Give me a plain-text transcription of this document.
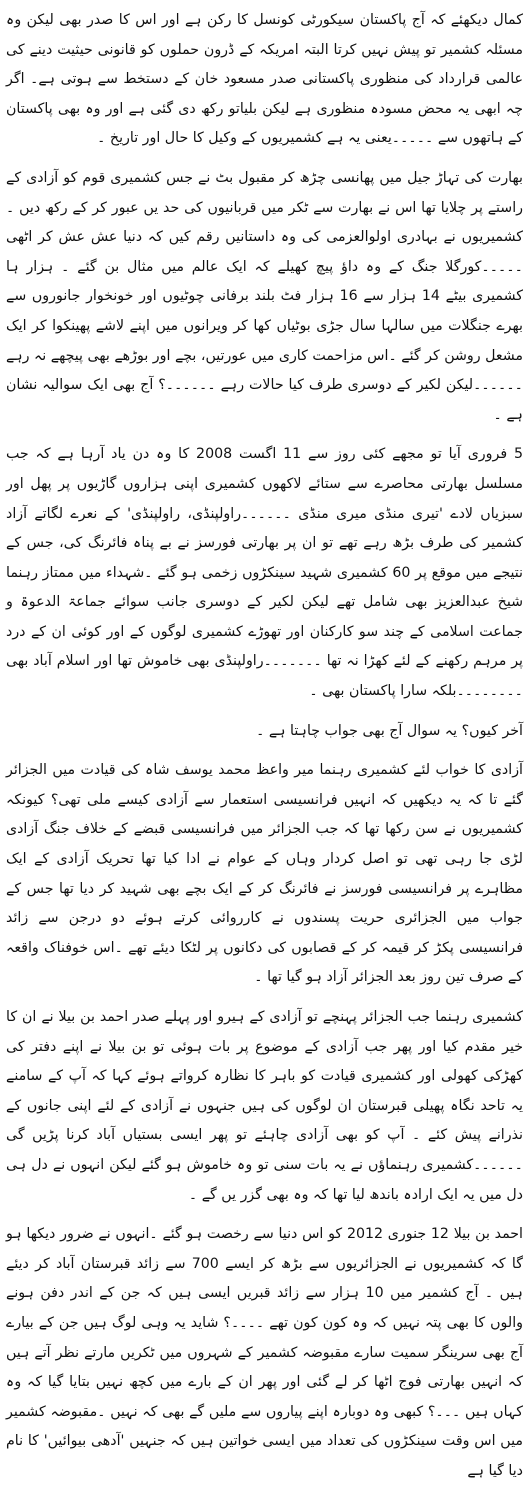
کمال دیکھئے کہ آج پاکستان سیکورٹی کونسل کا رکن ہے اور اس کا صدر بھی لیکن وہ مسئلہ کشمیر تو پیش نہیں کرتا البتہ امریکہ کے ڈرون حملوں کو قانونی حیثیت دینے کی عالمی قرارداد کی منظوری پاکستانی صدر مسعود خان کے دستخط سے ہوتی ہے۔ اگر چہ ابھی یہ محض مسودہ منظوری ہے لیکن بلیاتو رکھ دی گئی ہے اور وہ بھی پاکستان کے ہاتھوں سے ۔۔۔۔۔یعنی یہ ہے کشمیریوں کے وکیل کا حال اور تاریخ ۔

بھارت کی تہاڑ جیل میں پھانسی چڑھ کر مقبول بٹ نے جس کشمیری قوم کو آزادی کے راستے پر چلایا تھا اس نے بھارت سے ٹکر میں قربانیوں کی حد یں عبور کر کے رکھ دیں ۔کشمیریوں نے بہادری اولوالعزمی کی وہ داستانیں رقم کیں کہ دنیا عش عش کر اٹھی ۔۔۔۔۔کورگلا جنگ کے وہ داؤ پیچ کھیلے کہ ایک عالم میں مثال بن گئے ۔ ہزار ہا کشمیری بیٹے 14 ہزار سے 16 ہزار فٹ بلند برفانی چوٹیوں اور خونخوار جانوروں سے بھرے جنگلات میں سالہا سال جڑی بوٹیاں کھا کر ویرانوں میں اپنے لاشے پھینکوا کر ایک مشعل روشن کر گئے ۔اس مزاحمت کاری میں عورتیں، بچے اور بوڑھے بھی پیچھے نہ رہے ۔۔۔۔۔۔لیکن لکیر کے دوسری طرف کیا حالات رہے ۔۔۔۔۔۔؟ آج بھی ایک سوالیہ نشان ہے ۔

5 فروری آیا تو مجھے کئی روز سے 11 اگست 2008 کا وہ دن یاد آرہا ہے کہ جب مسلسل بھارتی محاصرے سے ستائے لاکھوں کشمیری اپنی ہزاروں گاڑیوں پر پھل اور سبزیاں لادے 'تیری منڈی میری منڈی ۔۔۔۔۔۔راولپنڈی، راولپنڈی' کے نعرے لگاتے آزاد کشمیر کی طرف بڑھ رہے تھے تو ان پر بھارتی فورسز نے بے پناہ فائرنگ کی، جس کے نتیجے میں موقع پر 60 کشمیری شہید سینکڑوں زخمی ہو گئے ۔شہداء میں ممتاز رہنما شیخ عبدالعزیز بھی شامل تھے لیکن لکیر کے دوسری جانب سوائے جماعۃ الدعوۃ و جماعت اسلامی کے چند سو کارکنان اور تھوڑے کشمیری لوگوں کے اور کوئی ان کے درد پر مرہم رکھنے کے لئے کھڑا نہ تھا ۔۔۔۔۔۔۔راولپنڈی بھی خاموش تھا اور اسلام آباد بھی ۔۔۔۔۔۔۔۔بلکہ سارا پاکستان بھی ۔

آخر کیوں؟ یہ سوال آج بھی جواب چاہتا ہے ۔

آزادی کا خواب لئے کشمیری رہنما میر واعظ محمد یوسف شاہ کی قیادت میں الجزائر گئے تا کہ یہ دیکھیں کہ انہیں فرانسیسی استعمار سے آزادی کیسے ملی تھی؟ کیونکہ کشمیریوں نے سن رکھا تھا کہ جب الجزائر میں فرانسیسی قبضے کے خلاف جنگ آزادی لڑی جا رہی تھی تو اصل کردار وہاں کے عوام نے ادا کیا تھا تحریک آزادی کے ایک مظاہرے پر فرانسیسی فورسز نے فائرنگ کر کے ایک بچے بھی شہید کر دیا تھا جس کے جواب میں الجزائری حریت پسندوں نے کارروائی کرتے ہوئے دو درجن سے زائد فرانسیسی پکڑ کر قیمہ کر کے قصابوں کی دکانوں پر لٹکا دیئے تھے ۔اس خوفناک واقعہ کے صرف تین روز بعد الجزائر آزاد ہو گیا تھا ۔

کشمیری رہنما جب الجزائر پہنچے تو آزادی کے ہیرو اور پہلے صدر احمد بن بیلا نے ان کا خیر مقدم کیا اور پھر جب آزادی کے موضوع پر بات ہوئی تو بن بیلا نے اپنے دفتر کی کھڑکی کھولی اور کشمیری قیادت کو باہر کا نظارہ کرواتے ہوئے کہا کہ آپ کے سامنے یہ تاحد نگاہ پھیلی قبرستان ان لوگوں کی ہیں جنہوں نے آزادی کے لئے اپنی جانوں کے نذرانے پیش کئے ۔ آپ کو بھی آزادی چاہئے تو پھر ایسی بستیاں آباد کرنا پڑیں گی ۔۔۔۔۔۔کشمیری رہنماؤں نے یہ بات سنی تو وہ خاموش ہو گئے لیکن انہوں نے دل ہی دل میں یہ ایک ارادہ باندھ لیا تھا کہ وہ بھی گزر یں گے ۔

احمد بن بیلا 12 جنوری 2012 کو اس دنیا سے رخصت ہو گئے ۔انہوں نے ضرور دیکھا ہو گا کہ کشمیریوں نے الجزائریوں سے بڑھ کر ایسے 700 سے زائد قبرستان آباد کر دیئے ہیں ۔ آج کشمیر میں 10 ہزار سے زائد قبریں ایسی ہیں کہ جن کے اندر دفن ہونے والوں کا بھی پتہ نہیں کہ وہ کون کون تھے ۔۔۔۔؟ شاید یہ وہی لوگ ہیں جن کے بیارے آج بھی سرینگر سمیت سارے مقبوضہ کشمیر کے شہروں میں ٹکریں مارتے نظر آتے ہیں کہ انہیں بھارتی فوج اٹھا کر لے گئی اور پھر ان کے بارے میں کچھ نہیں بتایا گیا کہ وہ کہاں ہیں ۔۔۔؟ کبھی وہ دوبارہ اپنے پیاروں سے ملیں گے بھی کہ نہیں ۔مقبوضہ کشمیر میں اس وقت سینکڑوں کی تعداد میں ایسی خواتین ہیں کہ جنہیں 'آدھی بیوائیں' کا نام دیا گیا ہے
